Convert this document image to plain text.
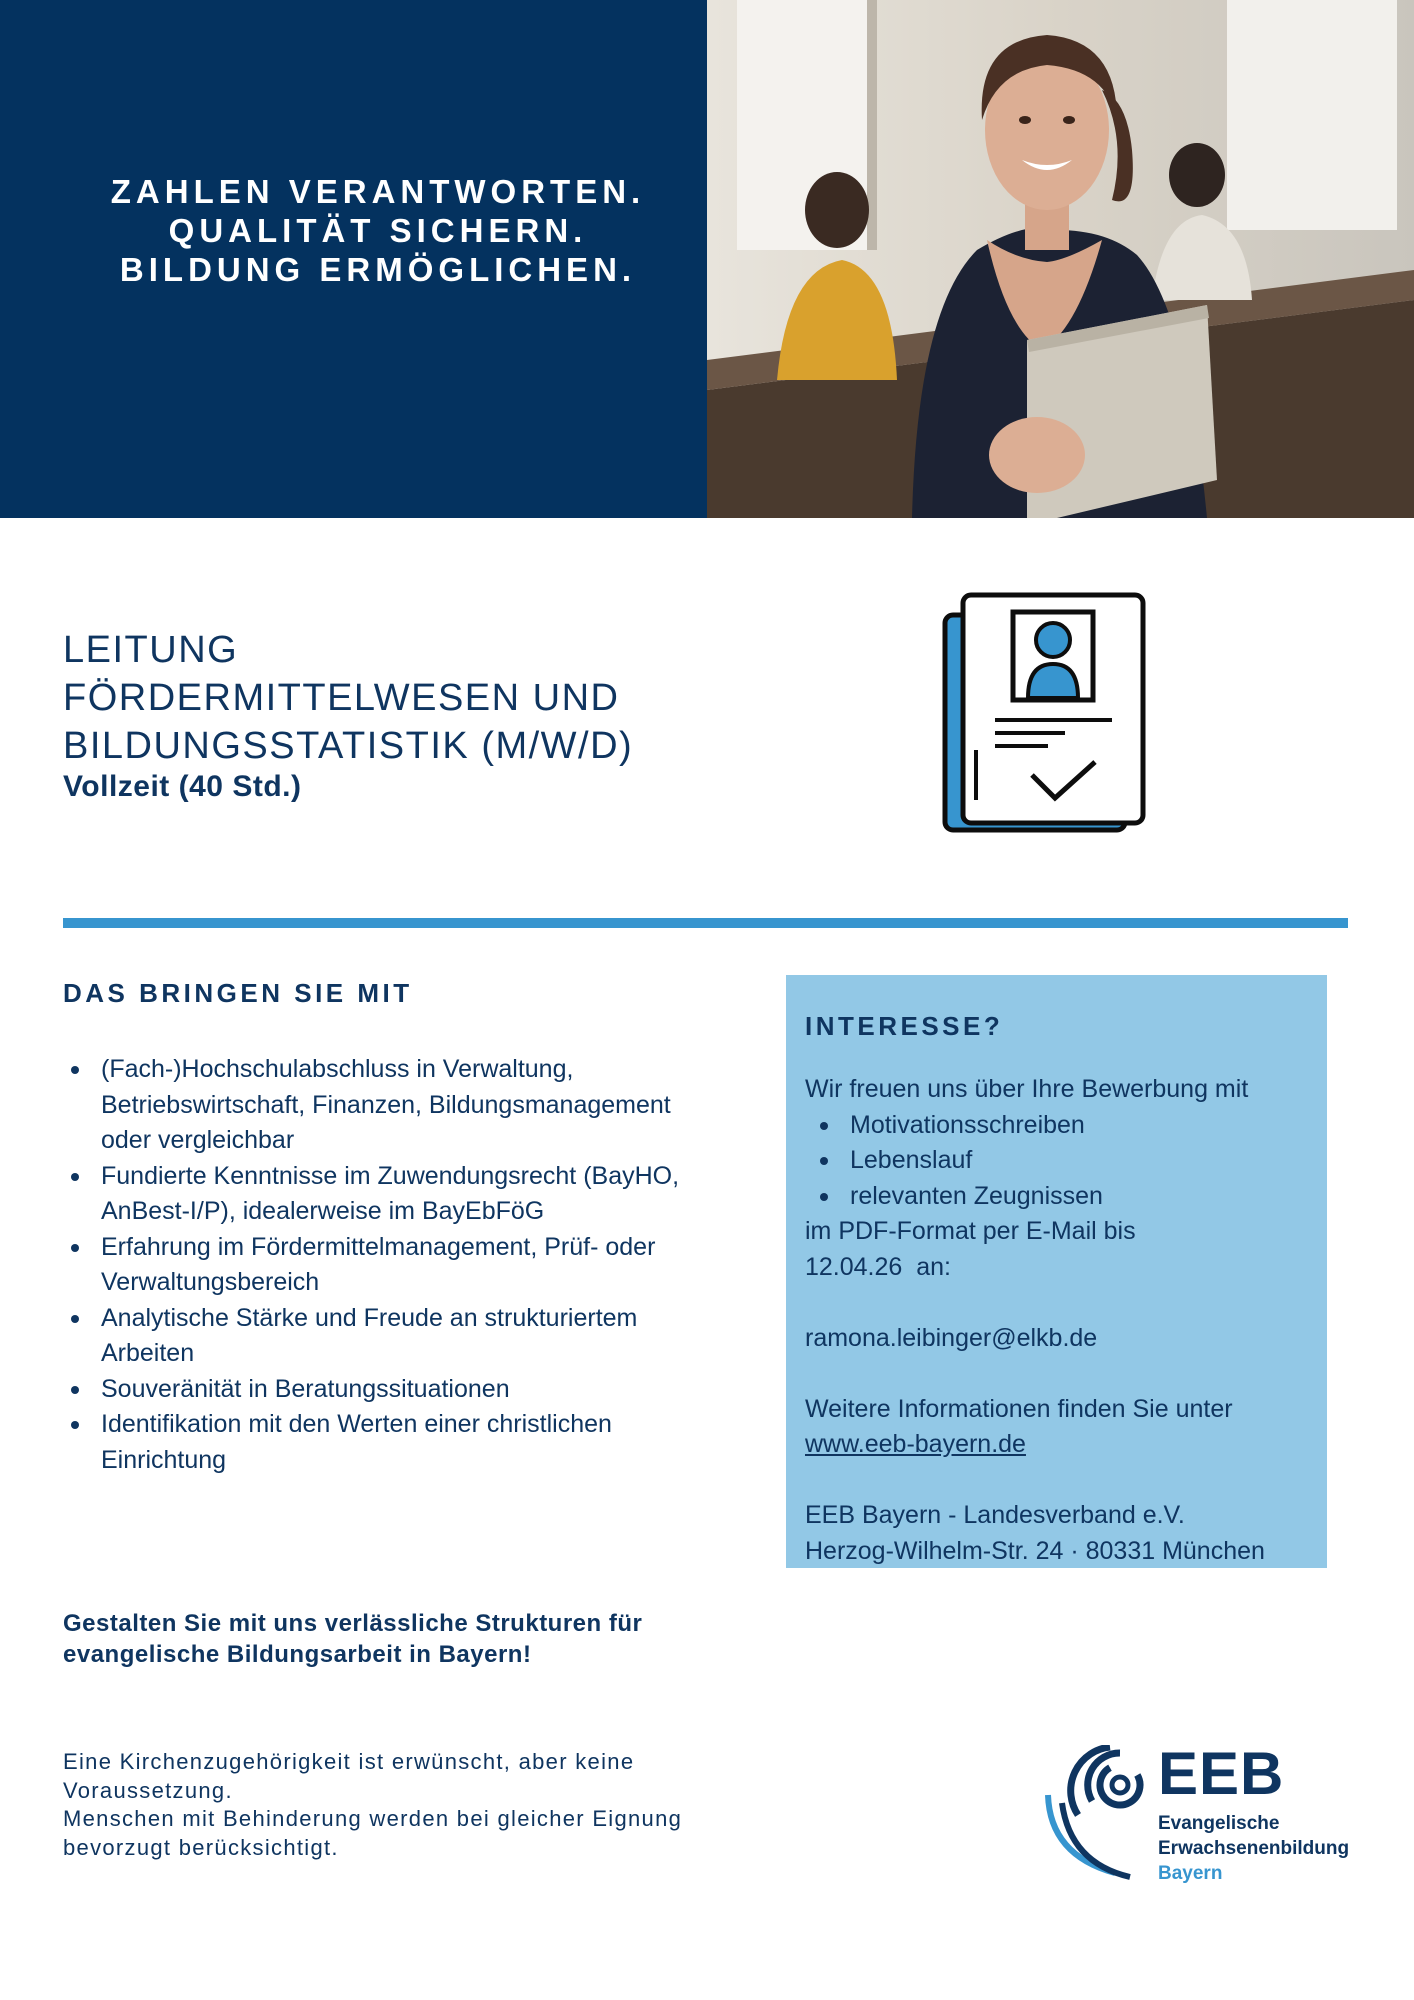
ZAHLEN VERANTWORTEN.
QUALITÄT SICHERN.
BILDUNG ERMÖGLICHEN.
LEITUNG
FÖRDERMITTELWESEN UND
BILDUNGSSTATISTIK (M/W/D)
Vollzeit (40 Std.)
DAS BRINGEN SIE MIT
(Fach-)Hochschulabschluss in Verwaltung, Betriebswirtschaft, Finanzen, Bildungsmanagement oder vergleichbar
Fundierte Kenntnisse im Zuwendungsrecht (BayHO, AnBest-I/P), idealerweise im BayEbFöG
Erfahrung im Fördermittelmanagement, Prüf- oder Verwaltungsbereich
Analytische Stärke und Freude an strukturiertem Arbeiten
Souveränität in Beratungssituationen
Identifikation mit den Werten einer christlichen Einrichtung
INTERESSE?
Wir freuen uns über Ihre Bewerbung mit
Motivationsschreiben
Lebenslauf
relevanten Zeugnissen
im PDF-Format per E-Mail bis
12.04.26  an:
ramona.leibinger@elkb.de
Weitere Informationen finden Sie unter
www.eeb-bayern.de
EEB Bayern - Landesverband e.V.
Herzog-Wilhelm-Str. 24 · 80331 München
Gestalten Sie mit uns verlässliche Strukturen für evangelische Bildungsarbeit in Bayern!
Eine Kirchenzugehörigkeit ist erwünscht, aber keine Voraussetzung.
Menschen mit Behinderung werden bei gleicher Eignung bevorzugt berücksichtigt.
EEB
Evangelische
Erwachsenenbildung
Bayern
